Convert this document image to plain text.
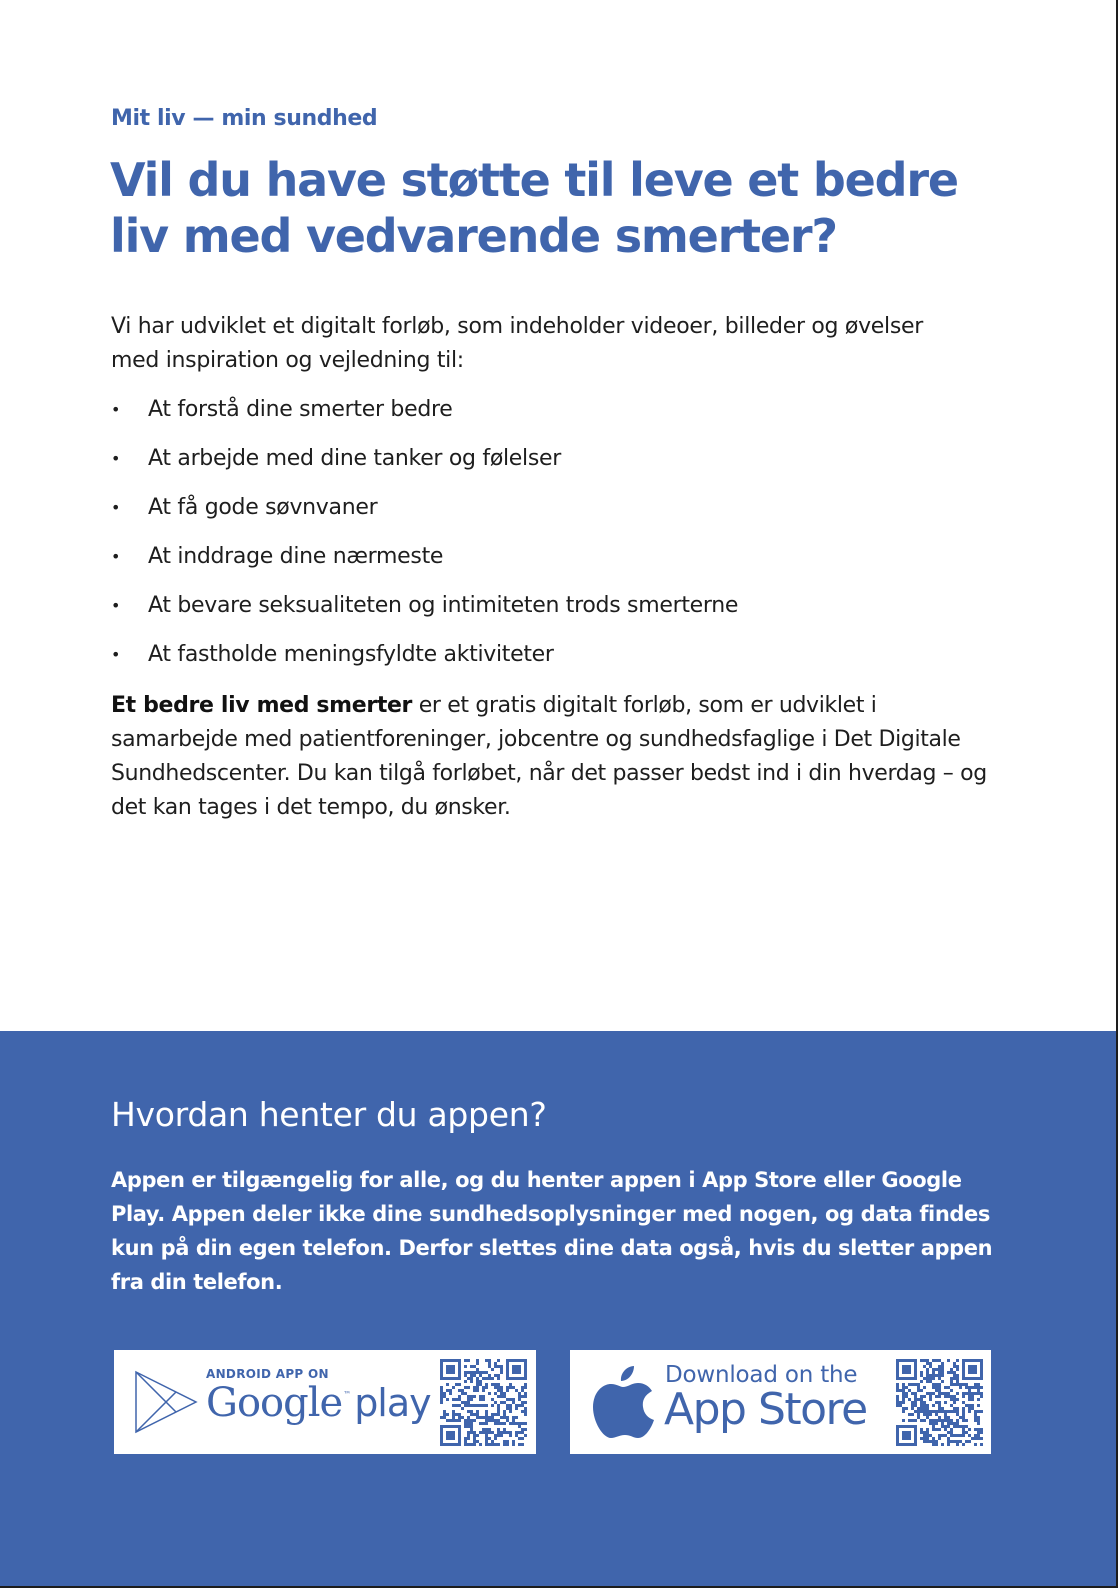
Mit liv — min sundhed
Vil du have støtte til leve et bedre liv med vedvarende smerter?

Vi har udviklet et digitalt forløb, som indeholder videoer, billeder og øvelser med inspiration og vejledning til:

• At forstå dine smerter bedre
• At arbejde med dine tanker og følelser
• At få gode søvnvaner
• At inddrage dine nærmeste
• At bevare seksualiteten og intimiteten trods smerterne
• At fastholde meningsfyldte aktiviteter

Et bedre liv med smerter er et gratis digitalt forløb, som er udviklet i samarbejde med patientforeninger, jobcentre og sundhedsfaglige i Det Digitale Sundhedscenter. Du kan tilgå forløbet, når det passer bedst ind i din hverdag – og det kan tages i det tempo, du ønsker.

Hvordan henter du appen?

Appen er tilgængelig for alle, og du henter appen i App Store eller Google Play. Appen deler ikke dine sundhedsoplysninger med nogen, og data findes kun på din egen telefon. Derfor slettes dine data også, hvis du sletter appen fra din telefon.

ANDROID APP ON
Google™ play
Download on the
App Store
